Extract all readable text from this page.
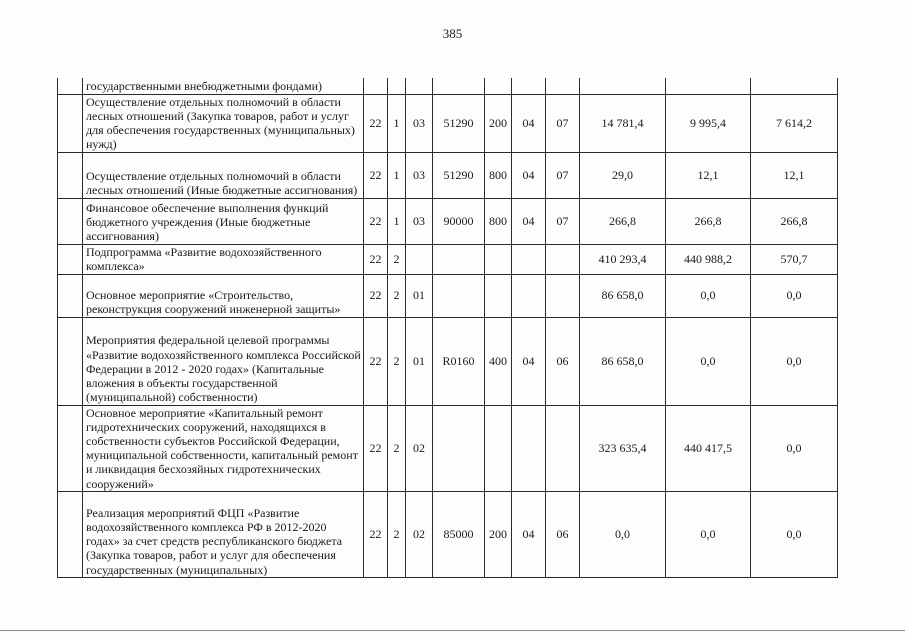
385
	государственными внебюджетными фондами)										
	Осуществление отдельных полномочий в области лесных отношений (Закупка товаров, работ и услуг для обеспечения государственных (муниципальных) нужд)	22	1	03	51290	200	04	07	14 781,4	9 995,4	7 614,2
	Осуществление отдельных полномочий в области лесных отношений (Иные бюджетные ассигнования)	22	1	03	51290	800	04	07	29,0	12,1	12,1
	Финансовое обеспечение выполнения функций бюджетного учреждения (Иные бюджетные ассигнования)	22	1	03	90000	800	04	07	266,8	266,8	266,8
	Подпрограмма «Развитие водохозяйственного комплекса»	22	2						410 293,4	440 988,2	570,7
	Основное мероприятие «Строительство, реконструкция сооружений инженерной защиты»	22	2	01					86 658,0	0,0	0,0
	Мероприятия федеральной целевой программы «Развитие водохозяйственного комплекса Российской Федерации в 2012 - 2020 годах» (Капитальные вложения в объекты государственной (муниципальной) собственности)	22	2	01	R0160	400	04	06	86 658,0	0,0	0,0
	Основное мероприятие «Капитальный ремонт гидротехнических сооружений, находящихся в собственности субъектов Российской Федерации, муниципальной собственности, капитальный ремонт и ликвидация бесхозяйных гидротехнических сооружений»	22	2	02					323 635,4	440 417,5	0,0
	Реализация мероприятий ФЦП «Развитие водохозяйственного комплекса РФ в 2012-2020 годах» за счет средств республиканского бюджета (Закупка товаров, работ и услуг для обеспечения государственных (муниципальных)	22	2	02	85000	200	04	06	0,0	0,0	0,0
